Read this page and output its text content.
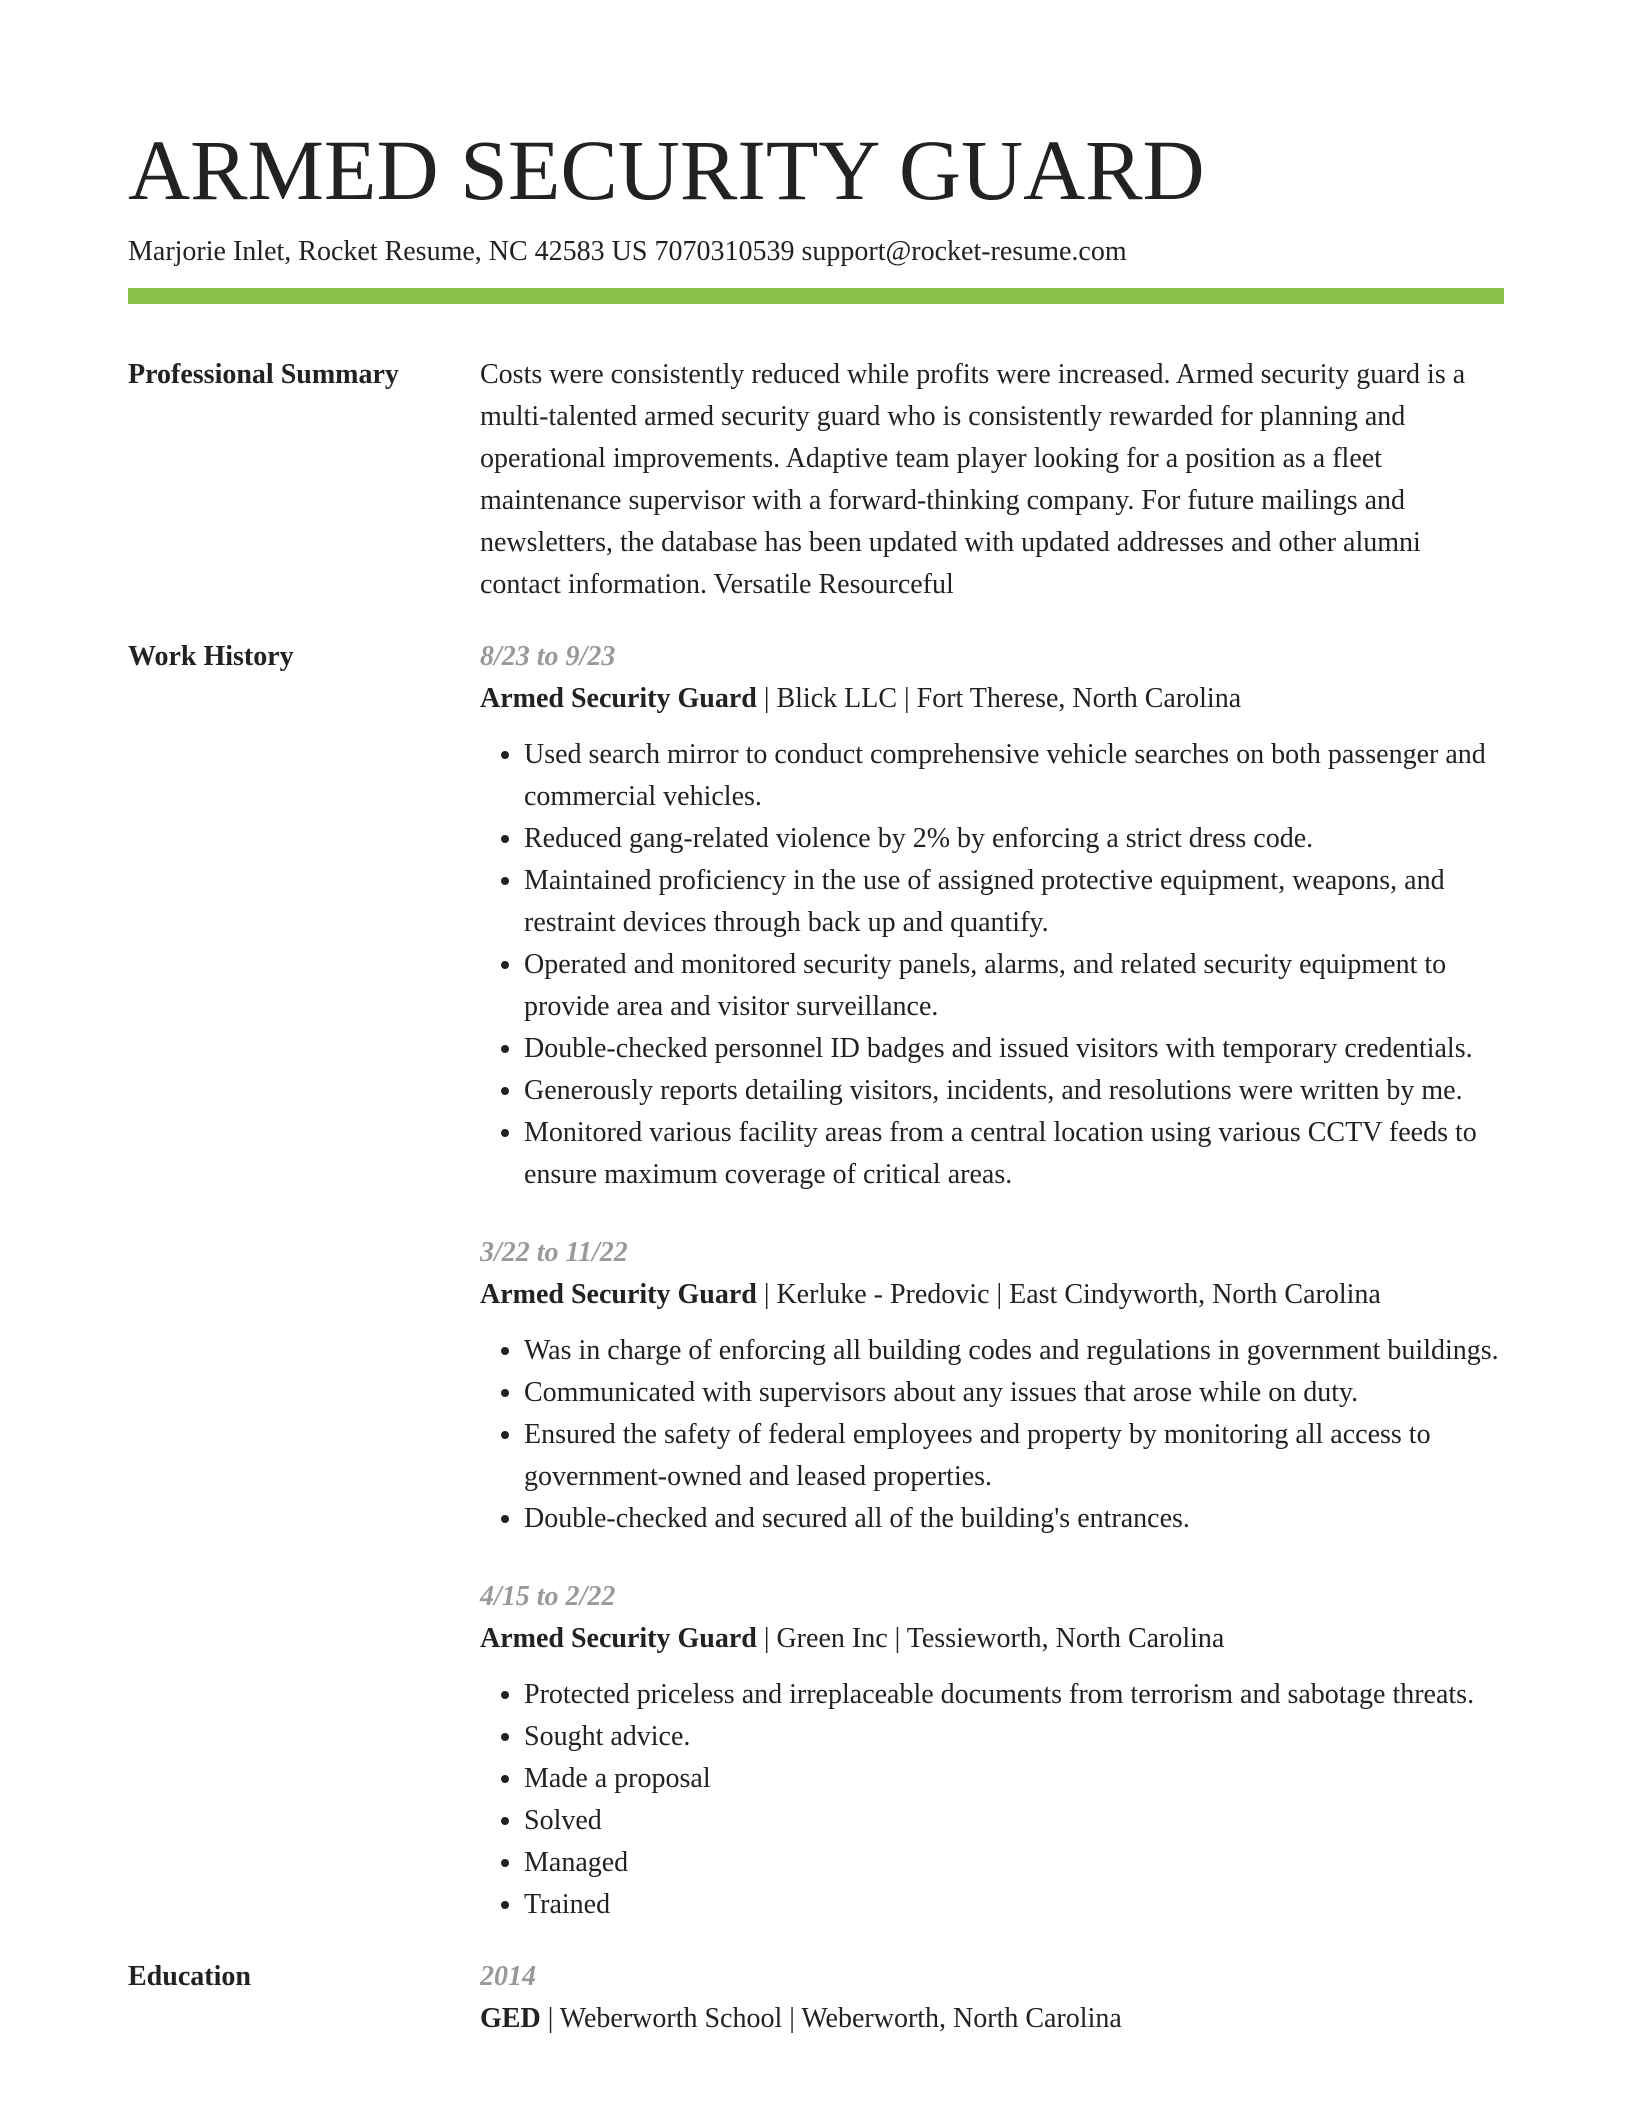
ARMED SECURITY GUARD
Marjorie Inlet, Rocket Resume, NC 42583 US 7070310539 support@rocket-resume.com
Professional Summary	Costs were consistently reduced while profits were increased. Armed security guard is a multi-talented armed security guard who is consistently rewarded for planning and operational improvements. Adaptive team player looking for a position as a fleet maintenance supervisor with a forward-thinking company. For future mailings and newsletters, the database has been updated with updated addresses and other alumni contact information. Versatile Resourceful

Work History	8/23 to 9/23
Armed Security Guard | Blick LLC | Fort Therese, North Carolina
• Used search mirror to conduct comprehensive vehicle searches on both passenger and commercial vehicles.
• Reduced gang-related violence by 2% by enforcing a strict dress code.
• Maintained proficiency in the use of assigned protective equipment, weapons, and restraint devices through back up and quantify.
• Operated and monitored security panels, alarms, and related security equipment to provide area and visitor surveillance.
• Double-checked personnel ID badges and issued visitors with temporary credentials.
• Generously reports detailing visitors, incidents, and resolutions were written by me.
• Monitored various facility areas from a central location using various CCTV feeds to ensure maximum coverage of critical areas.
3/22 to 11/22
Armed Security Guard | Kerluke - Predovic | East Cindyworth, North Carolina
• Was in charge of enforcing all building codes and regulations in government buildings.
• Communicated with supervisors about any issues that arose while on duty.
• Ensured the safety of federal employees and property by monitoring all access to government-owned and leased properties.
• Double-checked and secured all of the building's entrances.
4/15 to 2/22
Armed Security Guard | Green Inc | Tessieworth, North Carolina
• Protected priceless and irreplaceable documents from terrorism and sabotage threats.
• Sought advice.
• Made a proposal
• Solved
• Managed
• Trained
Education	2014
GED | Weberworth School | Weberworth, North Carolina
